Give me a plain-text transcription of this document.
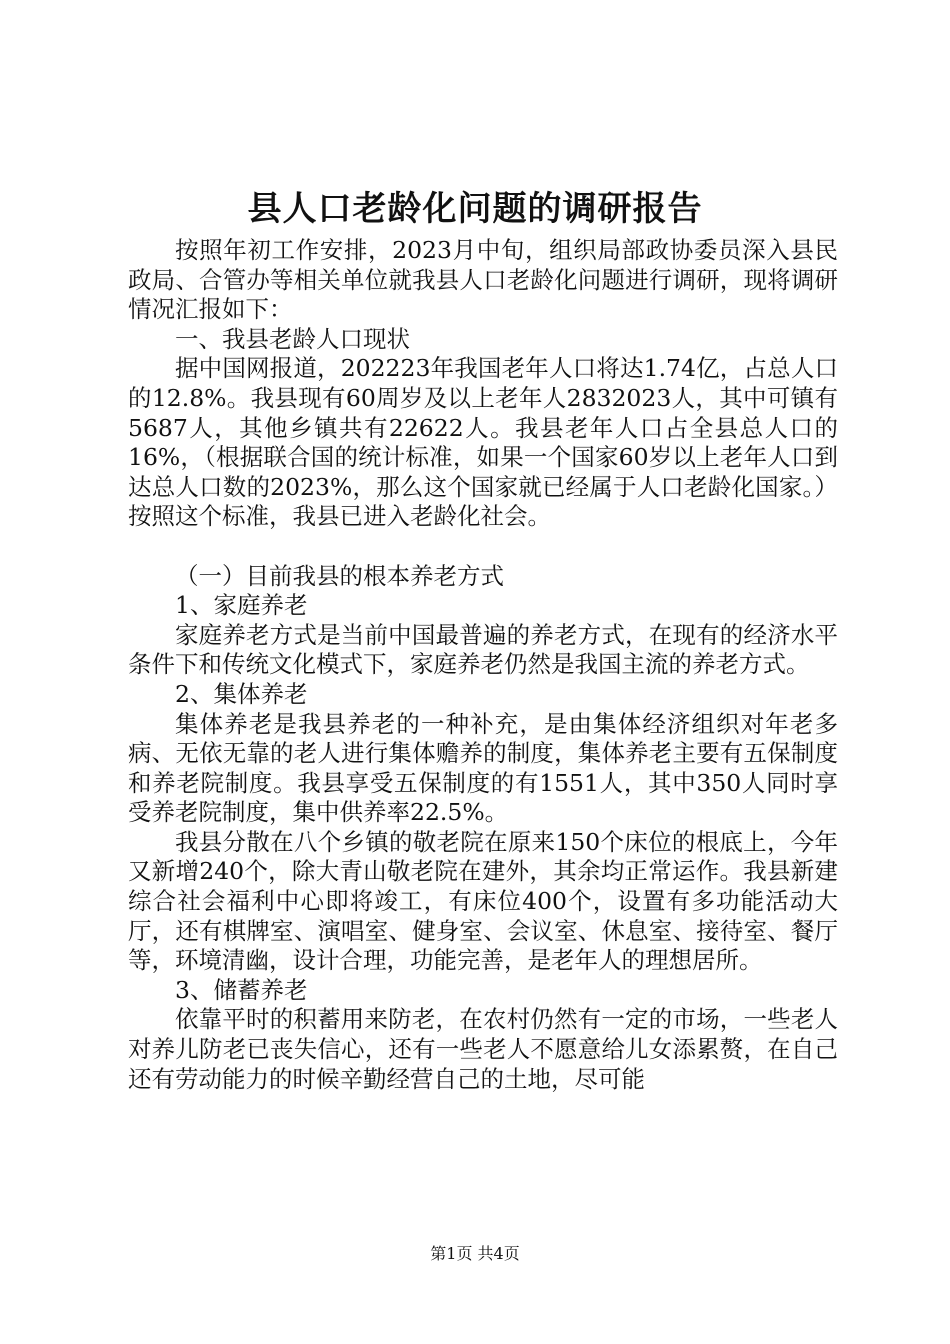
县人口老龄化问题的调研报告

按照年初工作安排，2023月中旬，组织局部政协委员深入县民政局、合管办等相关单位就我县人口老龄化问题进行调研，现将调研情况汇报如下：

一、我县老龄人口现状

据中国网报道，202223年我国老年人口将达1.74亿，占总人口的12.8%。我县现有60周岁及以上老年人2832023人，其中可镇有5687人，其他乡镇共有22622人。我县老年人口占全县总人口的16%，（根据联合国的统计标准，如果一个国家60岁以上老年人口到达总人口数的2023%，那么这个国家就已经属于人口老龄化国家。）按照这个标准，我县已进入老龄化社会。

（一）目前我县的根本养老方式

1、家庭养老

家庭养老方式是当前中国最普遍的养老方式，在现有的经济水平条件下和传统文化模式下，家庭养老仍然是我国主流的养老方式。

2、集体养老

集体养老是我县养老的一种补充，是由集体经济组织对年老多病、无依无靠的老人进行集体赡养的制度，集体养老主要有五保制度和养老院制度。我县享受五保制度的有1551人，其中350人同时享受养老院制度，集中供养率22.5%。

我县分散在八个乡镇的敬老院在原来150个床位的根底上，今年又新增240个，除大青山敬老院在建外，其余均正常运作。我县新建综合社会福利中心即将竣工，有床位400个，设置有多功能活动大厅，还有棋牌室、演唱室、健身室、会议室、休息室、接待室、餐厅等，环境清幽，设计合理，功能完善，是老年人的理想居所。

3、储蓄养老

依靠平时的积蓄用来防老，在农村仍然有一定的市场，一些老人对养儿防老已丧失信心，还有一些老人不愿意给儿女添累赘，在自己还有劳动能力的时候辛勤经营自己的土地，尽可能

第1页 共4页
